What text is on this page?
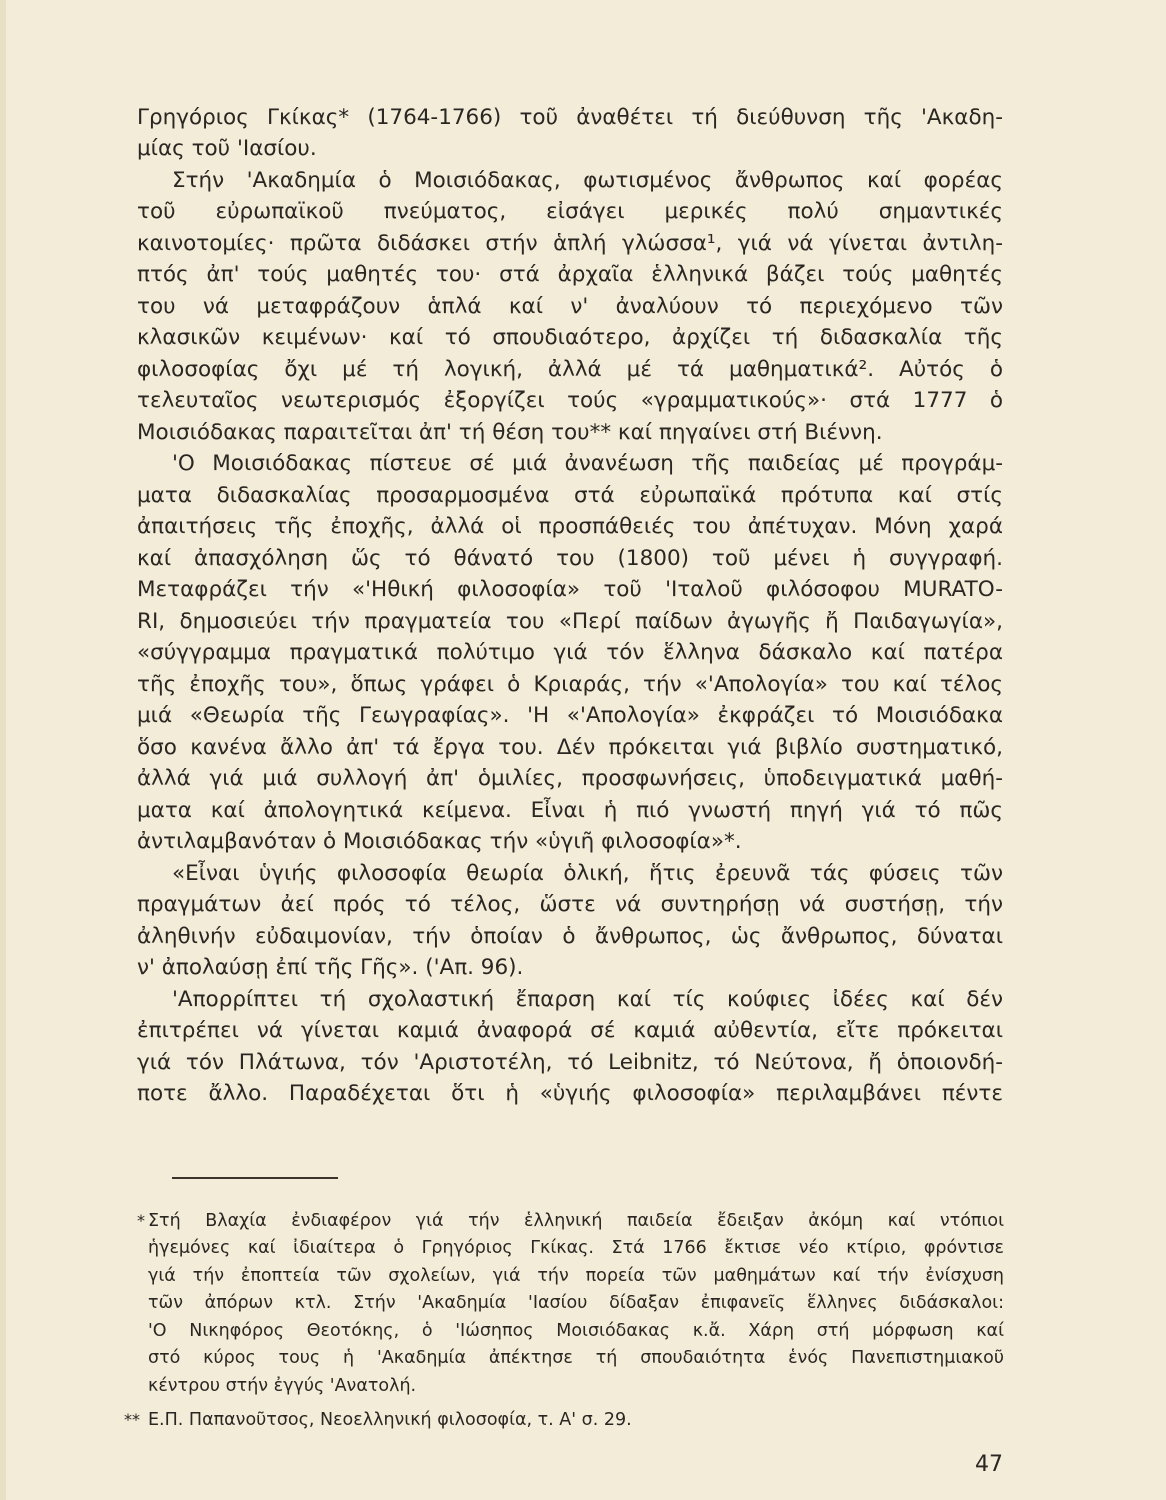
Γρηγόριος Γκίκας* (1764-1766) τοῦ ἀναθέτει τή διεύθυνση τῆς 'Ακαδη-
μίας τοῦ 'Ιασίου.
Στήν 'Ακαδημία ὁ Μοισιόδακας, φωτισμένος ἄνθρωπος καί φορέας
τοῦ εὐρωπαϊκοῦ πνεύματος, εἰσάγει μερικές πολύ σημαντικές
καινοτομίες· πρῶτα διδάσκει στήν ἁπλή γλώσσα¹, γιά νά γίνεται ἀντιλη-
πτός ἀπ' τούς μαθητές του· στά ἀρχαῖα ἑλληνικά βάζει τούς μαθητές
του νά μεταφράζουν ἁπλά καί ν' ἀναλύουν τό περιεχόμενο τῶν
κλασικῶν κειμένων· καί τό σπουδιαότερο, ἀρχίζει τή διδασκαλία τῆς
φιλοσοφίας ὄχι μέ τή λογική, ἀλλά μέ τά μαθηματικά². Αὐτός ὁ
τελευταῖος νεωτερισμός ἐξοργίζει τούς «γραμματικούς»· στά 1777 ὁ
Μοισιόδακας παραιτεῖται ἀπ' τή θέση του** καί πηγαίνει στή Βιέννη.
'Ο Μοισιόδακας πίστευε σέ μιά ἀνανέωση τῆς παιδείας μέ προγράμ-
ματα διδασκαλίας προσαρμοσμένα στά εὐρωπαϊκά πρότυπα καί στίς
ἀπαιτήσεις τῆς ἐποχῆς, ἀλλά οἱ προσπάθειές του ἀπέτυχαν. Μόνη χαρά
καί ἀπασχόληση ὥς τό θάνατό του (1800) τοῦ μένει ἡ συγγραφή.
Μεταφράζει τήν «'Ηθική φιλοσοφία» τοῦ 'Ιταλοῦ φιλόσοφου MURATO-
RI, δημοσιεύει τήν πραγματεία του «Περί παίδων ἀγωγῆς ἤ Παιδαγωγία»,
«σύγγραμμα πραγματικά πολύτιμο γιά τόν ἕλληνα δάσκαλο καί πατέρα
τῆς ἐποχῆς του», ὅπως γράφει ὁ Κριαράς, τήν «'Απολογία» του καί τέλος
μιά «Θεωρία τῆς Γεωγραφίας». 'Η «'Απολογία» ἐκφράζει τό Μοισιόδακα
ὅσο κανένα ἄλλο ἀπ' τά ἔργα του. Δέν πρόκειται γιά βιβλίο συστηματικό,
ἀλλά γιά μιά συλλογή ἀπ' ὁμιλίες, προσφωνήσεις, ὑποδειγματικά μαθή-
ματα καί ἀπολογητικά κείμενα. Εἶναι ἡ πιό γνωστή πηγή γιά τό πῶς
ἀντιλαμβανόταν ὁ Μοισιόδακας τήν «ὑγιῆ φιλοσοφία»*.
«Εἶναι ὑγιής φιλοσοφία θεωρία ὁλική, ἥτις ἐρευνᾶ τάς φύσεις τῶν
πραγμάτων ἀεί πρός τό τέλος, ὥστε νά συντηρήσῃ νά συστήσῃ, τήν
ἀληθινήν εὐδαιμονίαν, τήν ὁποίαν ὁ ἄνθρωπος, ὡς ἄνθρωπος, δύναται
ν' ἀπολαύσῃ ἐπί τῆς Γῆς». ('Απ. 96).
'Απορρίπτει τή σχολαστική ἔπαρση καί τίς κούφιες ἰδέες καί δέν
ἐπιτρέπει νά γίνεται καμιά ἀναφορά σέ καμιά αὐθεντία, εἴτε πρόκειται
γιά τόν Πλάτωνα, τόν 'Αριστοτέλη, τό Leibnitz, τό Νεύτονα, ἤ ὁποιονδή-
ποτε ἄλλο. Παραδέχεται ὅτι ἡ «ὑγιής φιλοσοφία» περιλαμβάνει πέντε
* Στή Βλαχία ἐνδιαφέρον γιά τήν ἑλληνική παιδεία ἔδειξαν ἀκόμη καί ντόπιοι
ἡγεμόνες καί ἰδιαίτερα ὁ Γρηγόριος Γκίκας. Στά 1766 ἔκτισε νέο κτίριο, φρόντισε
γιά τήν ἐποπτεία τῶν σχολείων, γιά τήν πορεία τῶν μαθημάτων καί τήν ἐνίσχυση
τῶν ἀπόρων κτλ. Στήν 'Ακαδημία 'Ιασίου δίδαξαν ἐπιφανεῖς ἕλληνες διδάσκαλοι:
'Ο Νικηφόρος Θεοτόκης, ὁ 'Ιώσηπος Μοισιόδακας κ.ἄ. Χάρη στή μόρφωση καί
στό κύρος τους ἡ 'Ακαδημία ἀπέκτησε τή σπουδαιότητα ἑνός Πανεπιστημιακοῦ
κέντρου στήν ἐγγύς 'Ανατολή.
** Ε.Π. Παπανοῦτσος, Νεοελληνική φιλοσοφία, τ. Α' σ. 29.
47
